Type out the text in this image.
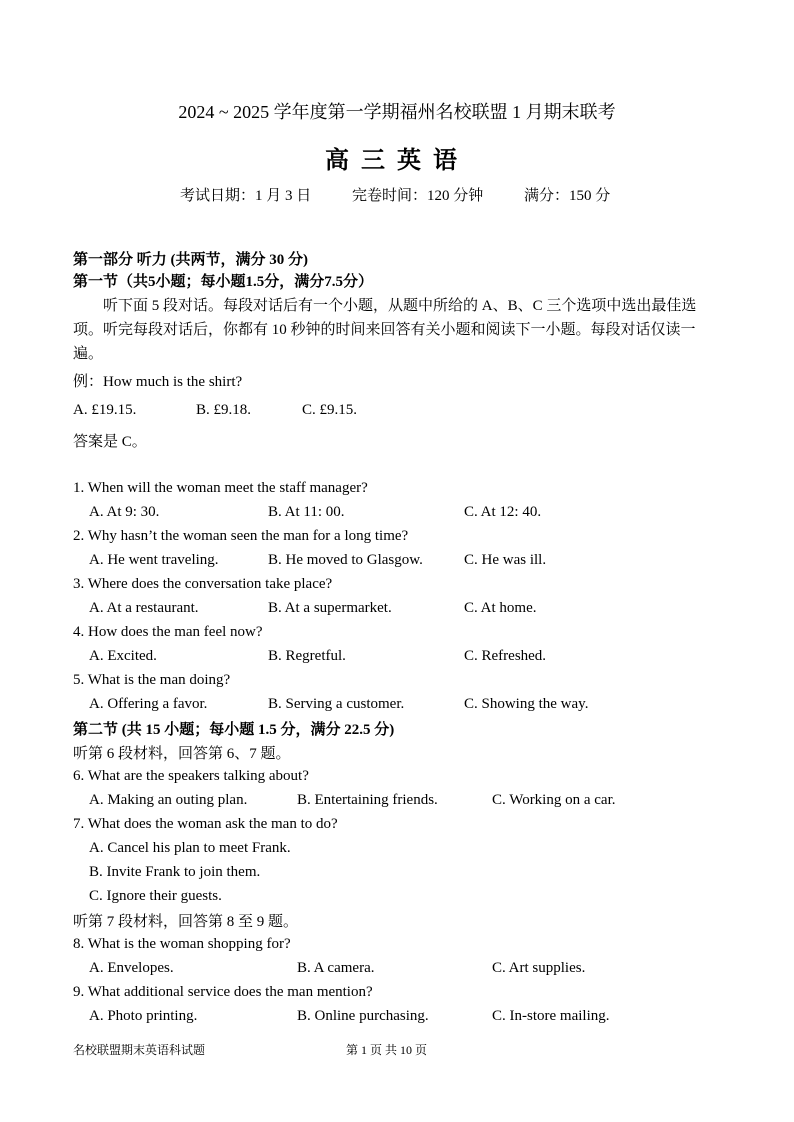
2024 ~ 2025 学年度第一学期福州名校联盟 1 月期末联考
高三英语
考试日期：1 月 3 日	完卷时间：120 分钟	满分：150 分
第一部分 听力 (共两节，满分 30 分)
第一节（共5小题；每小题1.5分，满分7.5分）
听下面 5 段对话。每段对话后有一个小题，从题中所给的 A、B、C 三个选项中选出最佳选项。听完每段对话后，你都有 10 秒钟的时间来回答有关小题和阅读下一小题。每段对话仅读一遍。
例：How much is the shirt?
A. £19.15.	B. £9.18.	C. £9.15.
答案是 C。
1. When will the woman meet the staff manager?
A. At 9: 30.	B. At 11: 00.	C. At 12: 40.
2. Why hasn’t the woman seen the man for a long time?
A. He went traveling.	B. He moved to Glasgow.	C. He was ill.
3. Where does the conversation take place?
A. At a restaurant.	B. At a supermarket.	C. At home.
4. How does the man feel now?
A. Excited.	B. Regretful.	C. Refreshed.
5. What is the man doing?
A. Offering a favor.	B. Serving a customer.	C. Showing the way.
第二节 (共 15 小题；每小题 1.5 分，满分 22.5 分)
听第 6 段材料，回答第 6、7 题。
6. What are the speakers talking about?
A. Making an outing plan.	B. Entertaining friends.	C. Working on a car.
7. What does the woman ask the man to do?
A. Cancel his plan to meet Frank.
B. Invite Frank to join them.
C. Ignore their guests.
听第 7 段材料，回答第 8 至 9 题。
8. What is the woman shopping for?
A. Envelopes.	B. A camera.	C. Art supplies.
9. What additional service does the man mention?
A. Photo printing.	B. Online purchasing.	C. In-store mailing.
名校联盟期末英语科试题	第 1 页 共 10 页
